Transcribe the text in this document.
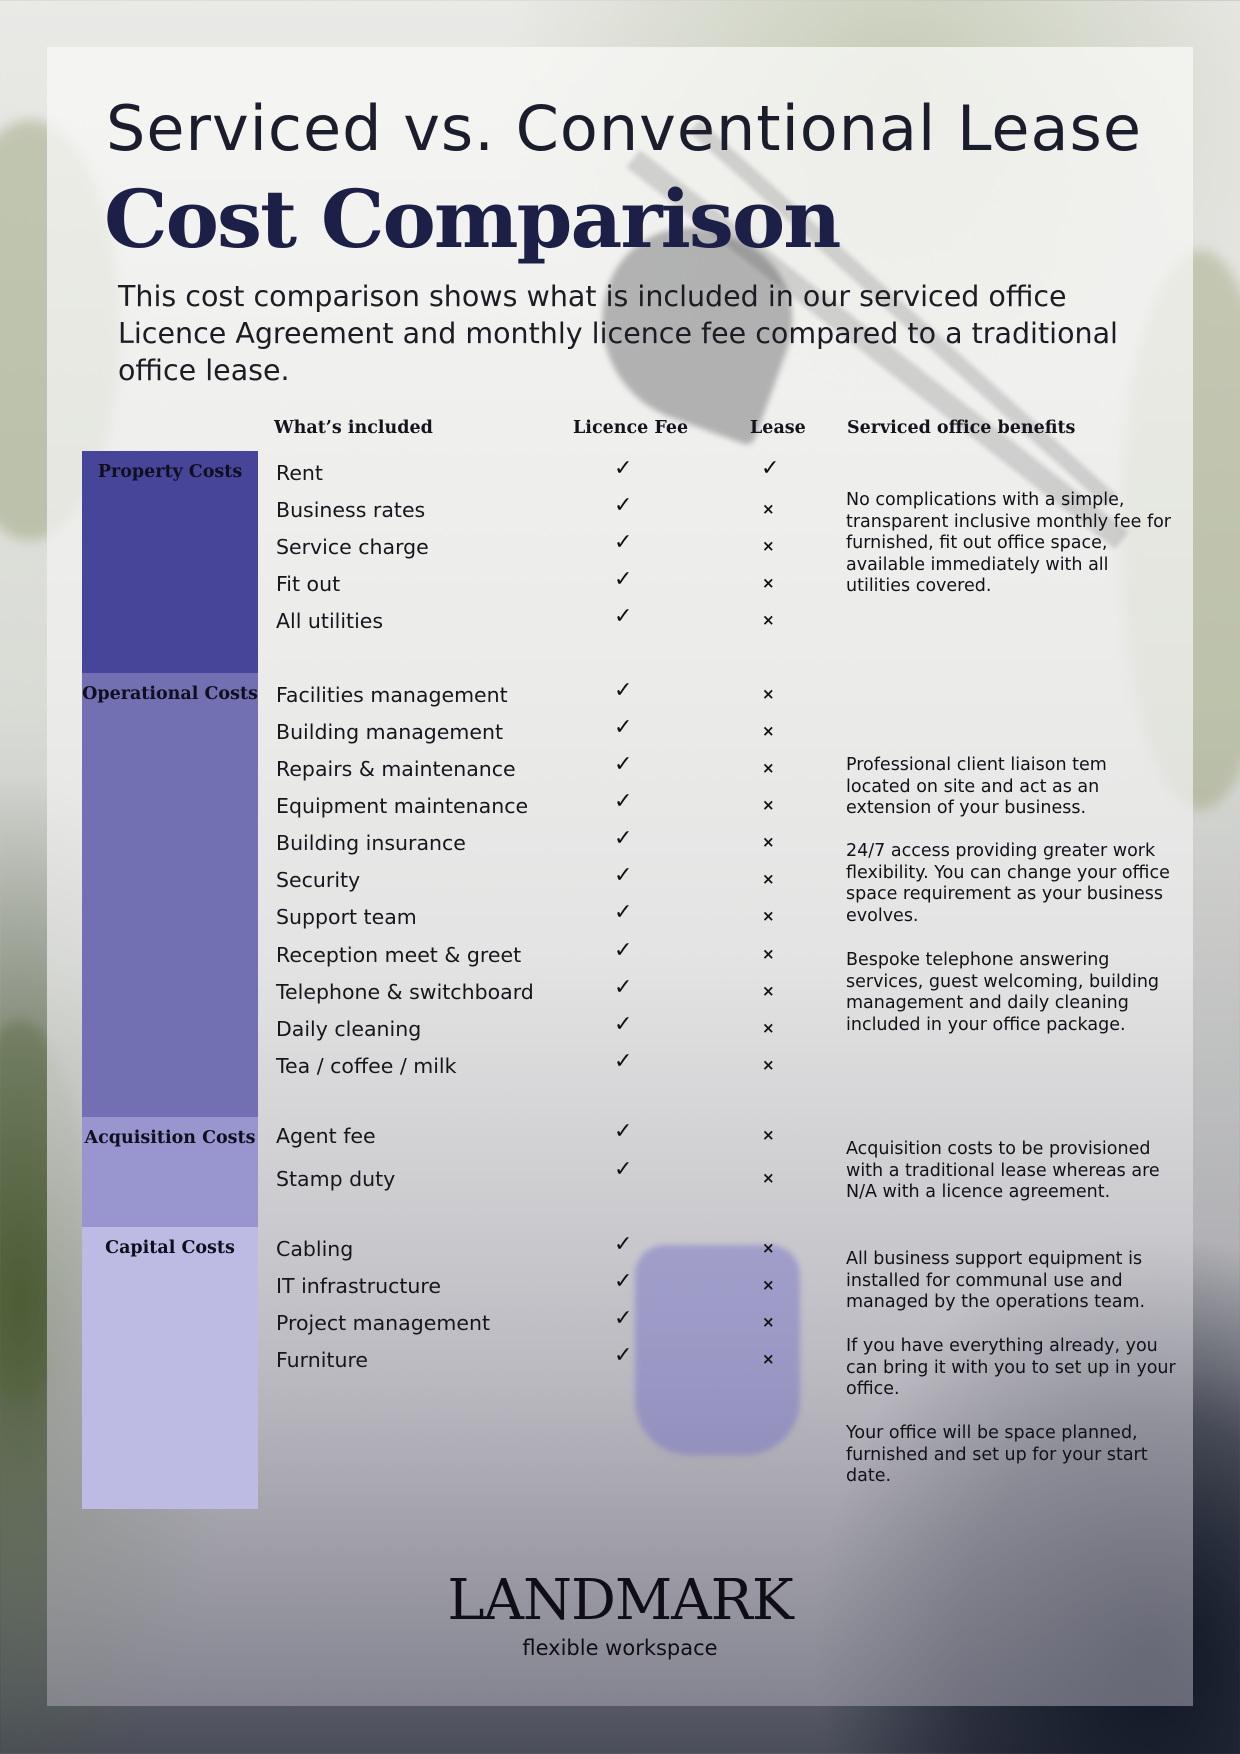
Serviced vs. Conventional Lease
Cost Comparison

This cost comparison shows what is included in our serviced office Licence Agreement and monthly licence fee compared to a traditional office lease.

What’s included	Licence Fee	Lease Serviced office benefits
Property Costs
Operational Costs
Acquisition Costs
Capital Costs
Rent
Business rates
Service charge
Fit out
All utilities
Facilities management
Building management
Repairs & maintenance
Equipment maintenance
Building insurance
Security
Support team
Reception meet & greet
Telephone & switchboard
Daily cleaning
Tea / coffee / milk
Agent fee
Stamp duty
Cabling
IT infrastructure
Project management
Furniture
✓
✓
✓
✓
✓
✓
✓
✓
✓
✓
✓
✓
✓
✓
✓
✓
✓
✓
✓
✓
✓
✓
✓
×
×
×
×
×
×
×
×
×
×
×
×
×
×
×
×
×
×
×
×
×

No complications with a simple, transparent inclusive monthly fee for furnished, fit out office space, available immediately with all utilities covered.

Professional client liaison tem located on site and act as an extension of your business.

24/7 access providing greater work flexibility. You can change your office space requirement as your business evolves.

Bespoke telephone answering services, guest welcoming, building management and daily cleaning included in your office package.

Acquisition costs to be provisioned with a traditional lease whereas are N/A with a licence agreement.

All business support equipment is installed for communal use and managed by the operations team.

If you have everything already, you can bring it with you to set up in your office.

Your office will be space planned, furnished and set up for your start date.

LANDMARK
flexible workspace
